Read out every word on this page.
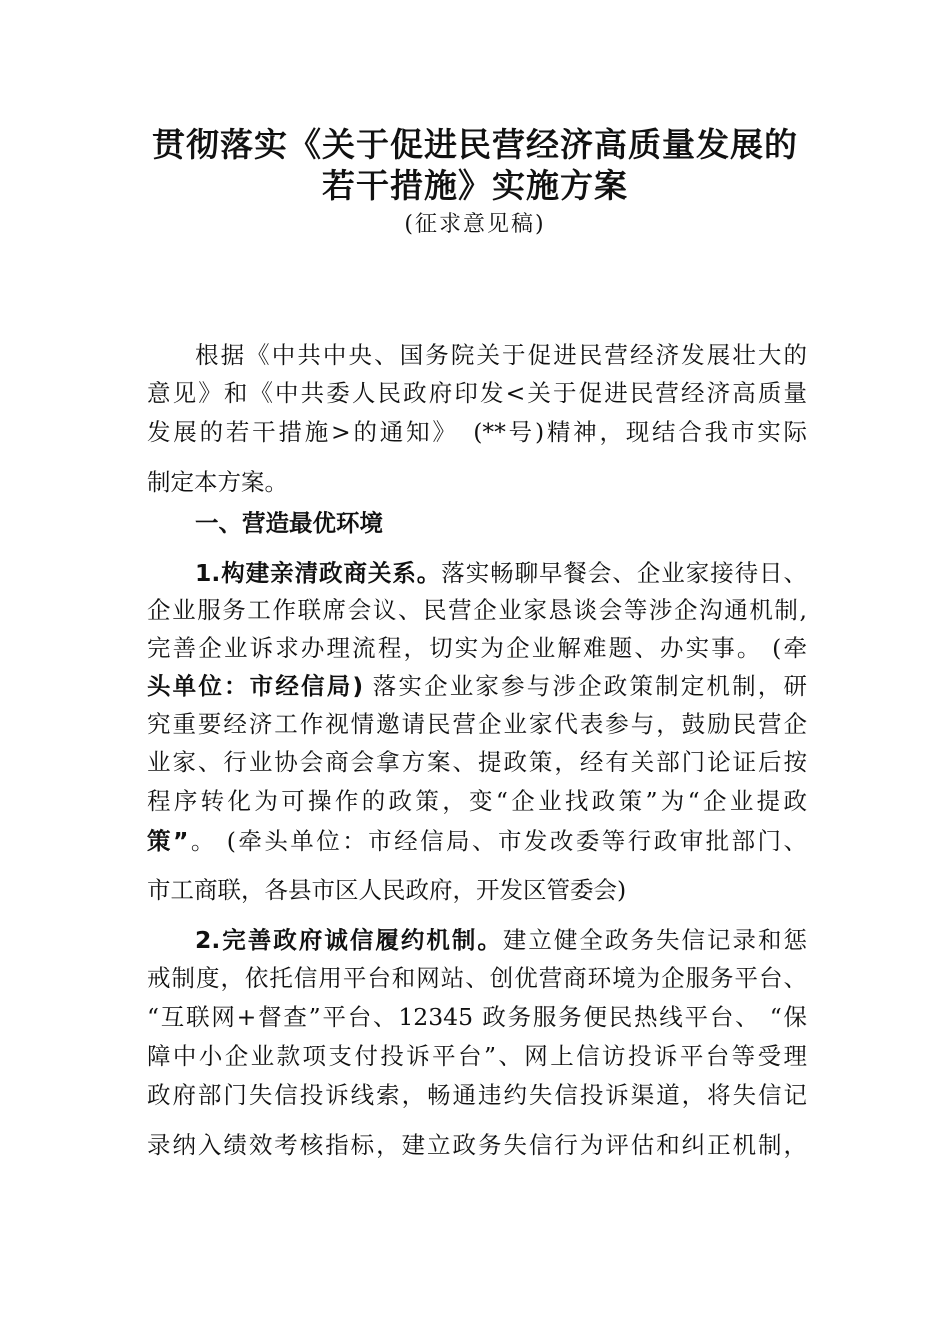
贯彻落实《关于促进民营经济高质量发展的
若干措施》实施方案
(征求意见稿)

根据《中共中央、国务院关于促进民营经济发展壮大的

意见》和《中共委人民政府印发<关于促进民营经济高质量

发展的若干措施>的通知》　(**号)精神，现结合我市实际

制定本方案。

一、营造最优环境

1.构建亲清政商关系。落实畅聊早餐会、企业家接待日、

企业服务工作联席会议、民营企业家恳谈会等涉企沟通机制,

完善企业诉求办理流程，切实为企业解难题、办实事。 (牵

头单位：市经信局) 落实企业家参与涉企政策制定机制，研

究重要经济工作视情邀请民营企业家代表参与，鼓励民营企

业家、行业协会商会拿方案、提政策，经有关部门论证后按

程序转化为可操作的政策，变“企业找政策”为“企业提政

策”。 (牵头单位：市经信局、市发改委等行政审批部门、

市工商联，各县市区人民政府，开发区管委会)

2.完善政府诚信履约机制。建立健全政务失信记录和惩

戒制度，依托信用平台和网站、创优营商环境为企服务平台、

“互联网+督查”平台、12345 政务服务便民热线平台、 “保

障中小企业款项支付投诉平台”、网上信访投诉平台等受理

政府部门失信投诉线索，畅通违约失信投诉渠道，将失信记

录纳入绩效考核指标，建立政务失信行为评估和纠正机制，
